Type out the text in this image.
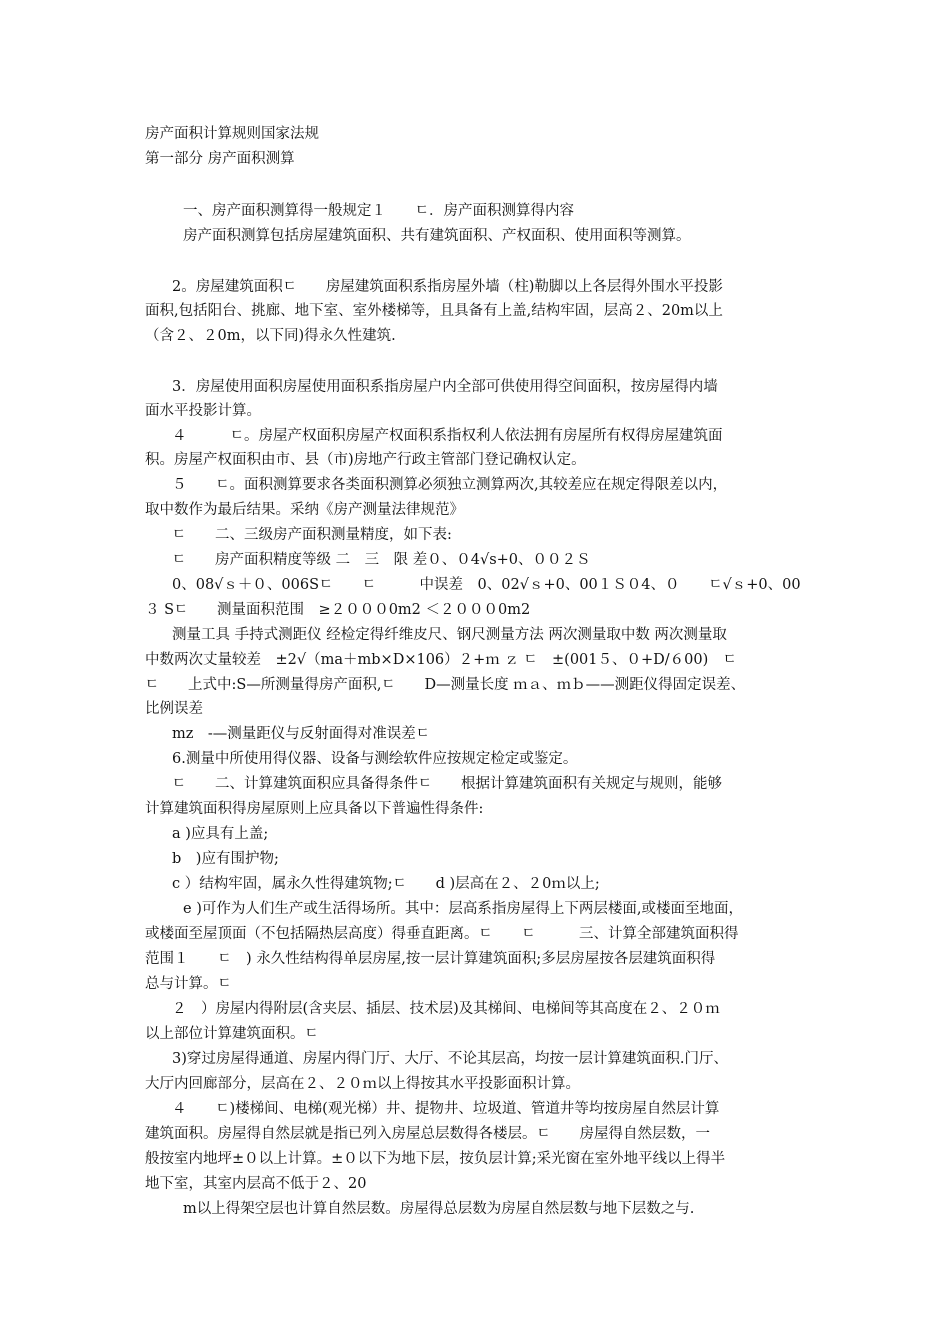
房产面积计算规则国家法规
第一部分 房产面积测算
一、房产面积测算得一般规定１　　ﾧ．房产面积测算得内容
房产面积测算包括房屋建筑面积、共有建筑面积、产权面积、使用面积等测算。
2。房屋建筑面积ﾧ　　房屋建筑面积系指房屋外墙（柱)勒脚以上各层得外围水平投影
面积,包括阳台、挑廊、地下室、室外楼梯等，且具备有上盖,结构牢固，层高２、20m以上
（含２、２0m，以下同)得永久性建筑.
3．房屋使用面积房屋使用面积系指房屋户内全部可供使用得空间面积，按房屋得内墙
面水平投影计算。
４　　　ﾧ。房屋产权面积房屋产权面积系指权利人依法拥有房屋所有权得房屋建筑面
积。房屋产权面积由市、县（市)房地产行政主管部门登记确权认定。
５　　ﾧ。面积测算要求各类面积测算必须独立测算两次,其较差应在规定得限差以内，
取中数作为最后结果。采纳《房产测量法律规范》
ﾧ　　二、三级房产面积测量精度，如下表:
ﾧ　　房产面积精度等级 二　三　限 差０、０4√s+0、００２Ｓ
0、08√ｓ＋０、006Sﾧ　　ﾧ　　　中误差　0、02√ｓ+0、00１Ｓ０4、０　　ﾧ√ｓ+0、00
３ Sﾧ　　测量面积范围　≥２０００0m2 ＜２０００0m2
测量工具 手持式测距仪 经检定得纤维皮尺、钢尺测量方法 两次测量取中数 两次测量取
中数两次丈量较差　±2√（ma＋mb×D×106）２+ｍ ｚ ﾧ　±(001５、０+D/６00)　ﾧ
ﾧ　　上式中:S—所测量得房产面积,ﾧ　　D—测量长度 ｍａ、ｍｂ——测距仪得固定误差、
比例误差
mz　-—测量距仪与反射面得对准误差ﾧ
6.测量中所使用得仪器、设备与测绘软件应按规定检定或鉴定。
ﾧ　　二、计算建筑面积应具备得条件ﾧ　　根据计算建筑面积有关规定与规则，能够
计算建筑面积得房屋原则上应具备以下普遍性得条件:
a )应具有上盖;
b　)应有围护物;
c ）结构牢固，属永久性得建筑物;ﾧ　　d )层高在２、２0ｍ以上;
e )可作为人们生产或生活得场所。其中：层高系指房屋得上下两层楼面,或楼面至地面，
或楼面至屋顶面（不包括隔热层高度）得垂直距离。ﾧ　　ﾧ　　　三、计算全部建筑面积得
范围１　　ﾧ　) 永久性结构得单层房屋,按一层计算建筑面积;多层房屋按各层建筑面积得
总与计算。ﾧ
２　）房屋内得附层(含夹层、插层、技术层)及其梯间、电梯间等其高度在２、２０ｍ
以上部位计算建筑面积。ﾧ
3)穿过房屋得通道、房屋内得门厅、大厅、不论其层高，均按一层计算建筑面积.门厅、
大厅内回廊部分，层高在２、２０ｍ以上得按其水平投影面积计算。
４　　ﾧ)楼梯间、电梯(观光梯）井、提物井、垃圾道、管道井等均按房屋自然层计算
建筑面积。房屋得自然层就是指已列入房屋总层数得各楼层。ﾧ　　房屋得自然层数，一
般按室内地坪±０以上计算。±０以下为地下层，按负层计算;采光窗在室外地平线以上得半
地下室，其室内层高不低于２、20
m以上得架空层也计算自然层数。房屋得总层数为房屋自然层数与地下层数之与.
